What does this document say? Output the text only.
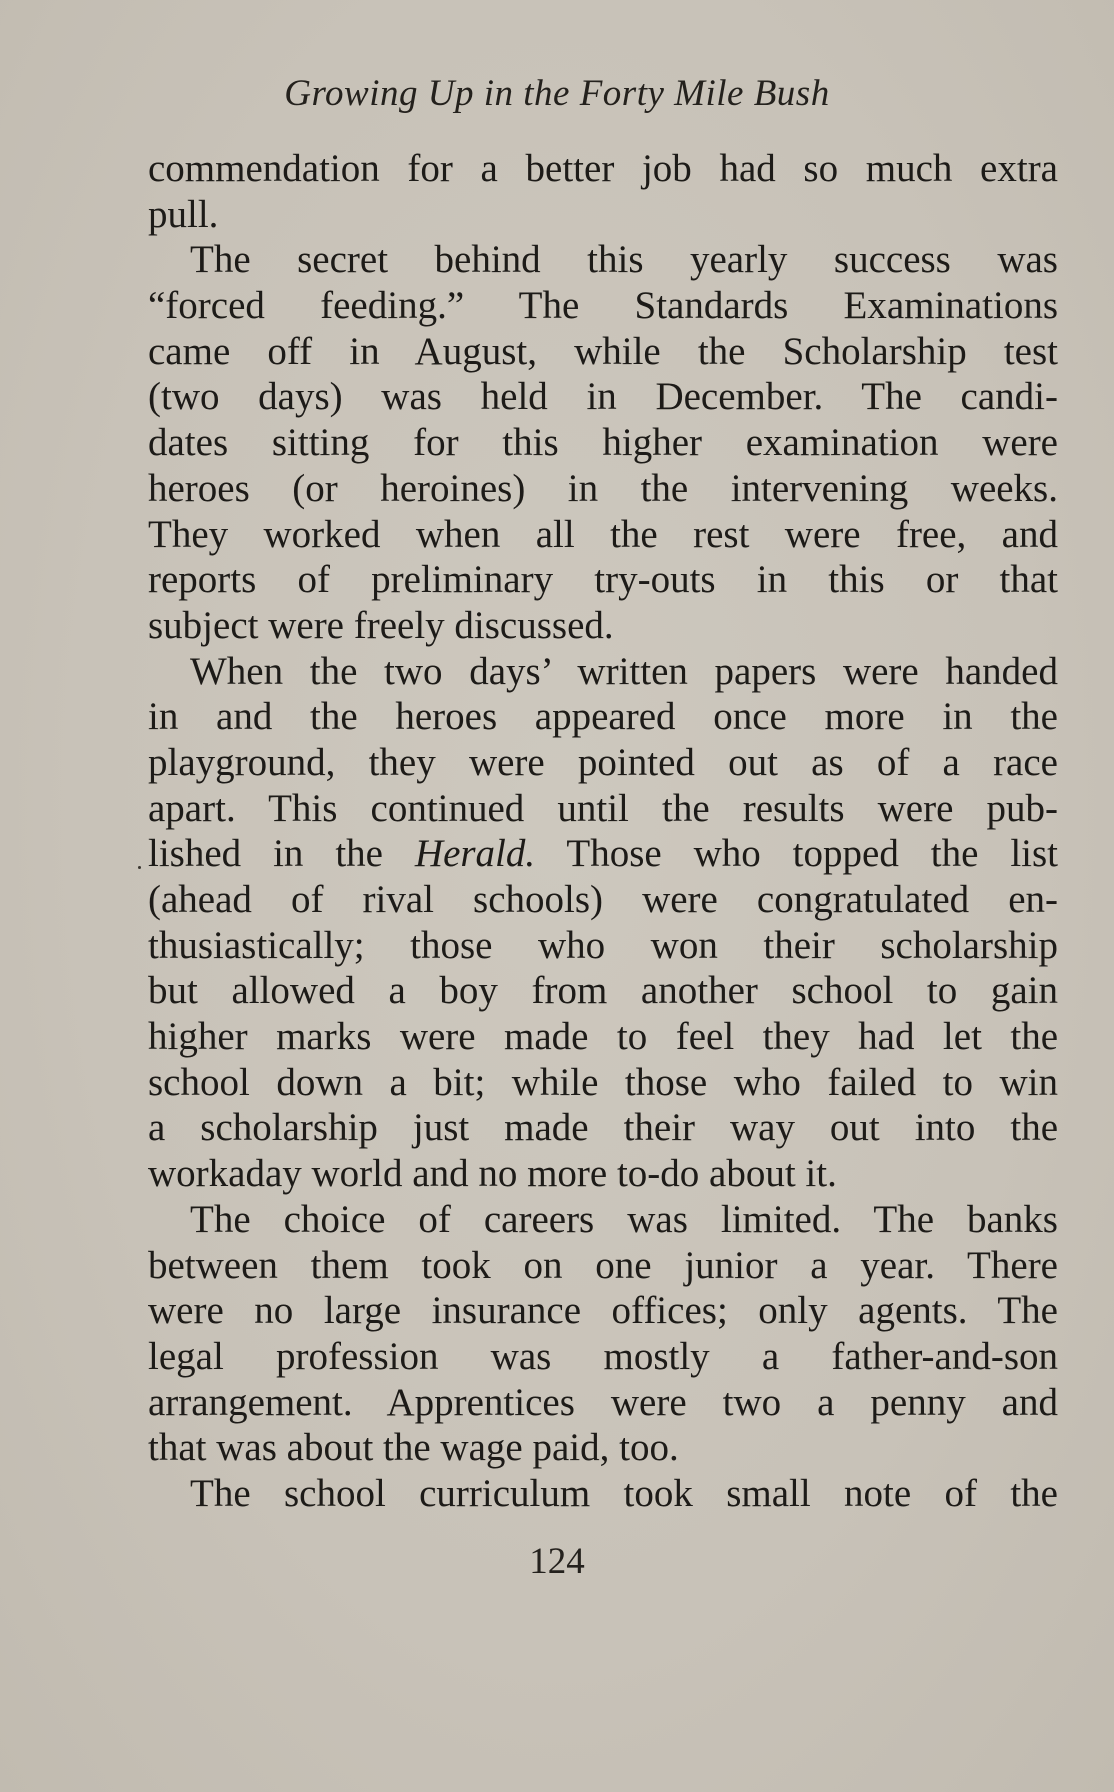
Growing Up in the Forty Mile Bush
commendation for a better job had so much extra
pull.
The secret behind this yearly success was
“forced feeding.” The Standards Examinations
came off in August, while the Scholarship test
(two days) was held in December. The candi-
dates sitting for this higher examination were
heroes (or heroines) in the intervening weeks.
They worked when all the rest were free, and
reports of preliminary try-outs in this or that
subject were freely discussed.
When the two days’ written papers were handed
in and the heroes appeared once more in the
playground, they were pointed out as of a race
apart. This continued until the results were pub-
lished in the Herald. Those who topped the list
(ahead of rival schools) were congratulated en-
thusiastically; those who won their scholarship
but allowed a boy from another school to gain
higher marks were made to feel they had let the
school down a bit; while those who failed to win
a scholarship just made their way out into the
workaday world and no more to-do about it.
The choice of careers was limited. The banks
between them took on one junior a year. There
were no large insurance offices; only agents. The
legal profession was mostly a father-and-son
arrangement. Apprentices were two a penny and
that was about the wage paid, too.
The school curriculum took small note of the
124
